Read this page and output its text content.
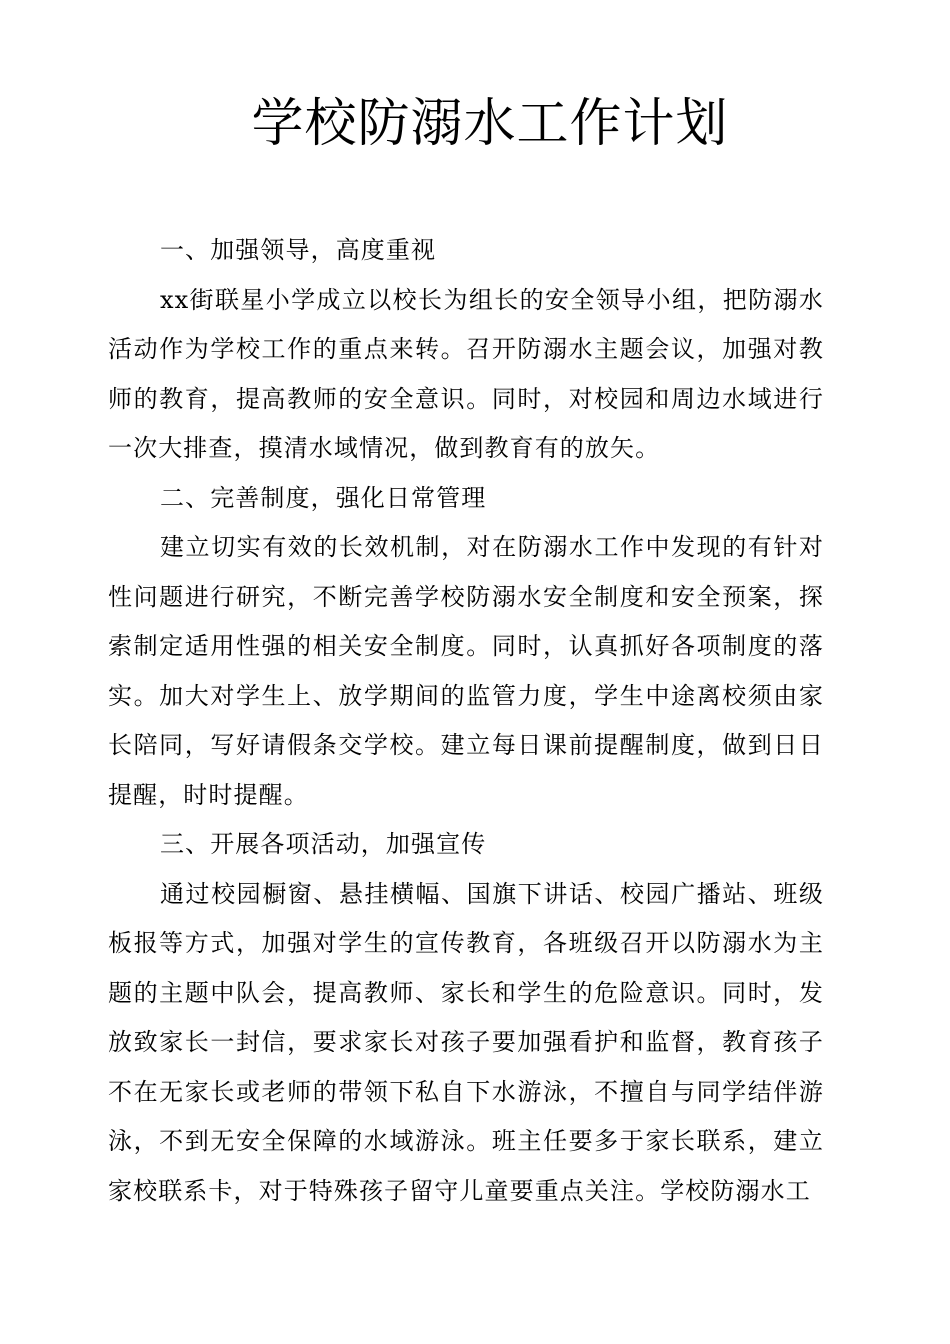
学校防溺水工作计划

一、加强领导，高度重视

xx街联星小学成立以校长为组长的安全领导小组，把防溺水活动作为学校工作的重点来转。召开防溺水主题会议，加强对教师的教育，提高教师的安全意识。同时，对校园和周边水域进行一次大排查，摸清水域情况，做到教育有的放矢。

二、完善制度，强化日常管理

建立切实有效的长效机制，对在防溺水工作中发现的有针对性问题进行研究，不断完善学校防溺水安全制度和安全预案，探索制定适用性强的相关安全制度。同时，认真抓好各项制度的落实。加大对学生上、放学期间的监管力度，学生中途离校须由家长陪同，写好请假条交学校。建立每日课前提醒制度，做到日日提醒，时时提醒。

三、开展各项活动，加强宣传

通过校园橱窗、悬挂横幅、国旗下讲话、校园广播站、班级板报等方式，加强对学生的宣传教育，各班级召开以防溺水为主题的主题中队会，提高教师、家长和学生的危险意识。同时，发放致家长一封信，要求家长对孩子要加强看护和监督，教育孩子不在无家长或老师的带领下私自下水游泳，不擅自与同学结伴游泳，不到无安全保障的水域游泳。班主任要多于家长联系，建立家校联系卡，对于特殊孩子留守儿童要重点关注。学校防溺水工
